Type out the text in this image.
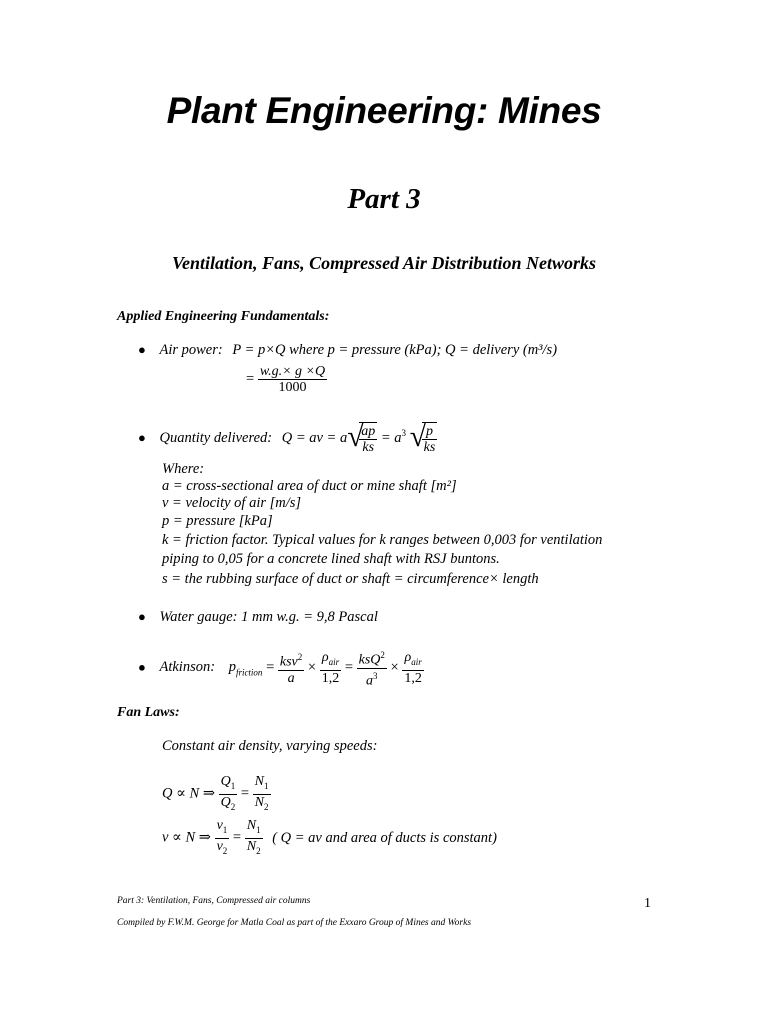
Plant Engineering: Mines
Part 3
Ventilation, Fans, Compressed Air Distribution Networks
Applied Engineering Fundamentals:
● Air power: P = p×Q where p = pressure (kPa); Q = delivery (m³/s)
= $\frac{w.g.\times g \times Q}{1000}$
● Quantity delivered: Q = av = a √
$\frac{ap}{ks} = a^3$ √
$\frac{p}{ks}$
Where:
a = cross-sectional area of duct or mine shaft [m²]
v = velocity of air [m/s]
p = pressure [kPa]
k = friction factor. Typical values for k ranges between 0,003 for ventilation
piping to 0,05 for a concrete lined shaft with RSJ buntons.
s = the rubbing surface of duct or shaft = circumference× length
● Water gauge: 1 mm w.g. = 9,8 Pascal
● Atkinson: $p_{friction} = \frac{ksv^2}{a} \times \frac{\rho_{air}}{1,2} = \frac{ksQ^2}{a^3} \times \frac{\rho_{air}}{1,2}$
Fan Laws:
Constant air density, varying speeds:
Q ∝ N ⇒ $\frac{Q_1}{Q_2} = \frac{N_1}{N_2}$
v ∝ N ⇒ $\frac{v_1}{v_2} = \frac{N_1}{N_2}$ ( Q = av and area of ducts is constant)
Part 3: Ventilation, Fans, Compressed air columns	1
Compiled by F.W.M. George for Matla Coal as part of the Exxaro Group of Mines and Works
